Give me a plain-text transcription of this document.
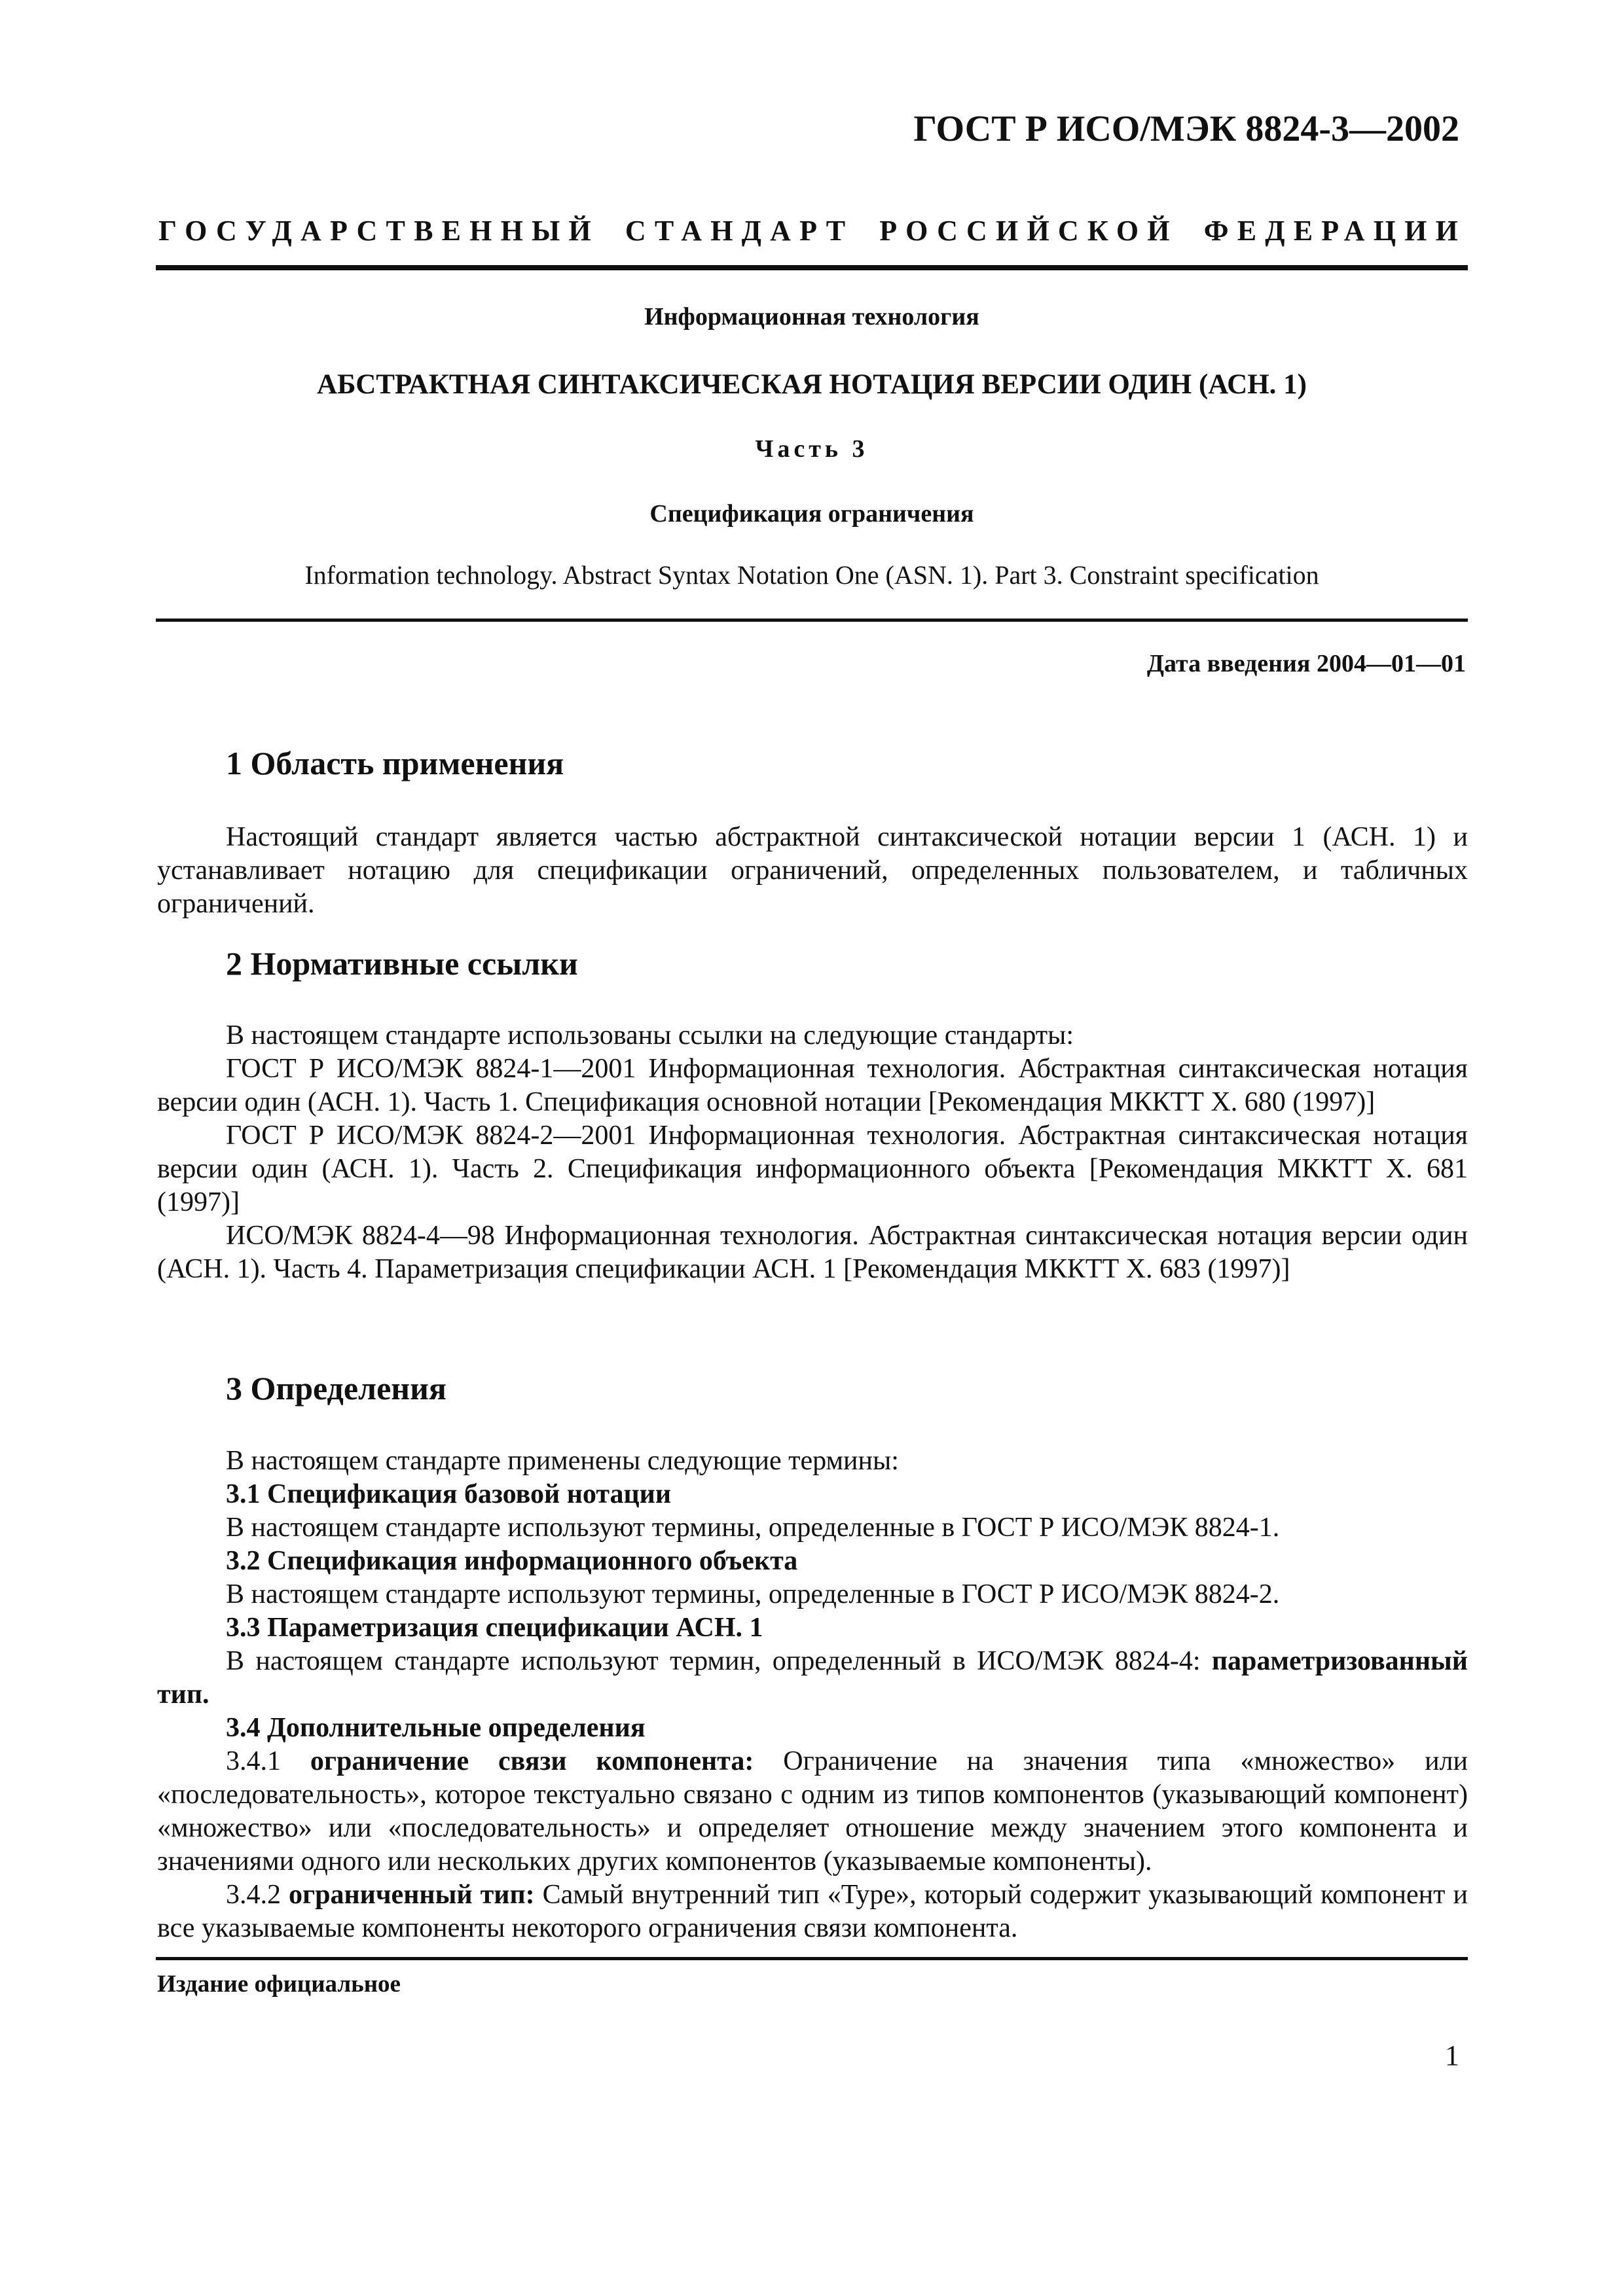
ГОСТ Р ИСО/МЭК 8824-3—2002
ГОСУДАРСТВЕННЫЙ СТАНДАРТ РОССИЙСКОЙ ФЕДЕРАЦИИ
Информационная технология
АБСТРАКТНАЯ СИНТАКСИЧЕСКАЯ НОТАЦИЯ ВЕРСИИ ОДИН (АСН. 1)
Часть 3
Спецификация ограничения
Information technology. Abstract Syntax Notation One (ASN. 1). Part 3. Constraint specification
Дата введения 2004—01—01
1 Область применения

Настоящий стандарт является частью абстрактной синтаксической нотации версии 1 (АСН. 1) и устанавливает нотацию для спецификации ограничений, определенных пользователем, и табличных ограничений.

2 Нормативные ссылки

В настоящем стандарте использованы ссылки на следующие стандарты:

ГОСТ Р ИСО/МЭК 8824-1—2001 Информационная технология. Абстрактная синтаксическая нотация версии один (АСН. 1). Часть 1. Спецификация основной нотации [Рекомендация МККТТ Х. 680 (1997)]

ГОСТ Р ИСО/МЭК 8824-2—2001 Информационная технология. Абстрактная синтаксическая нотация версии один (АСН. 1). Часть 2. Спецификация информационного объекта [Рекомендация МККТТ Х. 681 (1997)]

ИСО/МЭК 8824-4—98 Информационная технология. Абстрактная синтаксическая нотация версии один (АСН. 1). Часть 4. Параметризация спецификации АСН. 1 [Рекомендация МККТТ Х. 683 (1997)]

3 Определения

В настоящем стандарте применены следующие термины:

3.1 Спецификация базовой нотации

В настоящем стандарте используют термины, определенные в ГОСТ Р ИСО/МЭК 8824-1.

3.2 Спецификация информационного объекта

В настоящем стандарте используют термины, определенные в ГОСТ Р ИСО/МЭК 8824-2.

3.3 Параметризация спецификации АСН. 1

В настоящем стандарте используют термин, определенный в ИСО/МЭК 8824-4: параметризованный тип.

3.4 Дополнительные определения

3.4.1 ограничение связи компонента: Ограничение на значения типа «множество» или «последовательность», которое текстуально связано с одним из типов компонентов (указывающий компонент) «множество» или «последовательность» и определяет отношение между значением этого компонента и значениями одного или нескольких других компонентов (указываемые компоненты).

3.4.2 ограниченный тип: Самый внутренний тип «Type», который содержит указывающий компонент и все указываемые компоненты некоторого ограничения связи компонента.

Издание официальное
1
